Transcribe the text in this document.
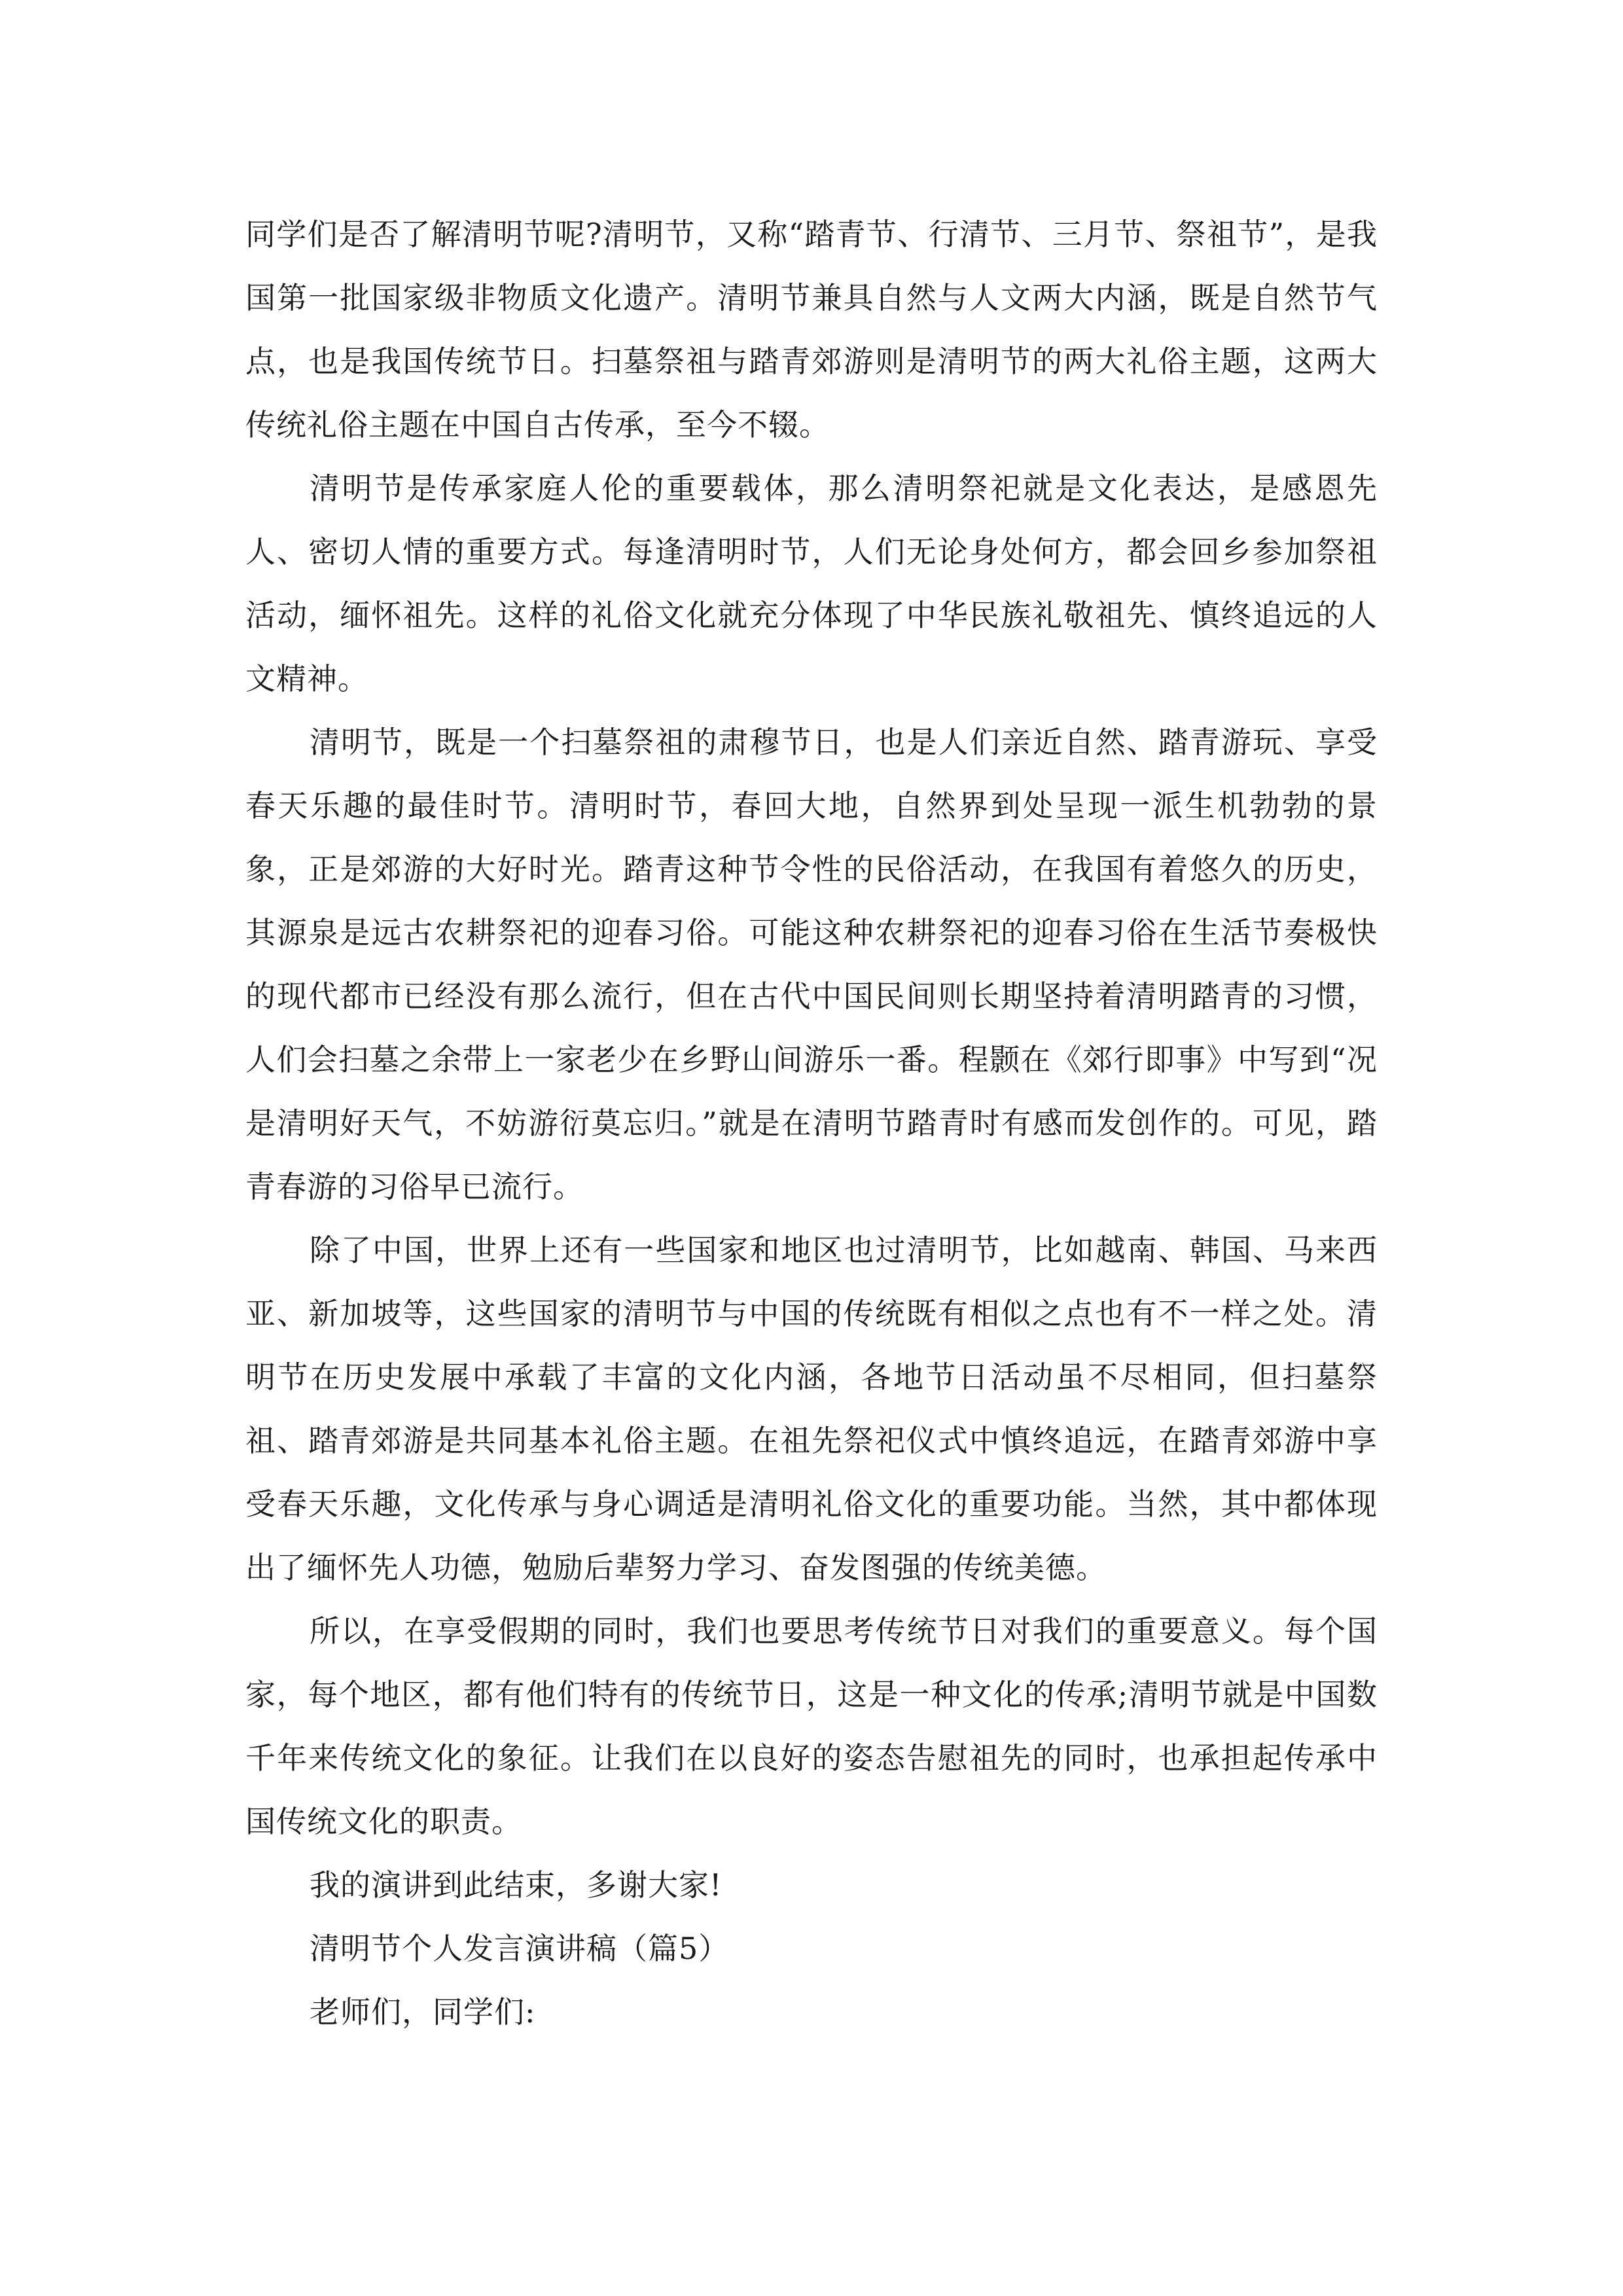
同学们是否了解清明节呢?清明节，又称“踏青节、行清节、三月节、祭祖节”，是我国第一批国家级非物质文化遗产。清明节兼具自然与人文两大内涵，既是自然节气点，也是我国传统节日。扫墓祭祖与踏青郊游则是清明节的两大礼俗主题，这两大传统礼俗主题在中国自古传承，至今不辍。

清明节是传承家庭人伦的重要载体，那么清明祭祀就是文化表达，是感恩先人、密切人情的重要方式。每逢清明时节，人们无论身处何方，都会回乡参加祭祖活动，缅怀祖先。这样的礼俗文化就充分体现了中华民族礼敬祖先、慎终追远的人文精神。

清明节，既是一个扫墓祭祖的肃穆节日，也是人们亲近自然、踏青游玩、享受春天乐趣的最佳时节。清明时节，春回大地，自然界到处呈现一派生机勃勃的景象，正是郊游的大好时光。踏青这种节令性的民俗活动，在我国有着悠久的历史，其源泉是远古农耕祭祀的迎春习俗。可能这种农耕祭祀的迎春习俗在生活节奏极快的现代都市已经没有那么流行，但在古代中国民间则长期坚持着清明踏青的习惯，人们会扫墓之余带上一家老少在乡野山间游乐一番。程颢在《郊行即事》中写到“况是清明好天气，不妨游衍莫忘归。”就是在清明节踏青时有感而发创作的。可见，踏青春游的习俗早已流行。

除了中国，世界上还有一些国家和地区也过清明节，比如越南、韩国、马来西亚、新加坡等，这些国家的清明节与中国的传统既有相似之点也有不一样之处。清明节在历史发展中承载了丰富的文化内涵，各地节日活动虽不尽相同，但扫墓祭祖、踏青郊游是共同基本礼俗主题。在祖先祭祀仪式中慎终追远，在踏青郊游中享受春天乐趣，文化传承与身心调适是清明礼俗文化的重要功能。当然，其中都体现出了缅怀先人功德，勉励后辈努力学习、奋发图强的传统美德。

所以，在享受假期的同时，我们也要思考传统节日对我们的重要意义。每个国家，每个地区，都有他们特有的传统节日，这是一种文化的传承;清明节就是中国数千年来传统文化的象征。让我们在以良好的姿态告慰祖先的同时，也承担起传承中国传统文化的职责。

我的演讲到此结束，多谢大家!

清明节个人发言演讲稿（篇5）

老师们，同学们:
